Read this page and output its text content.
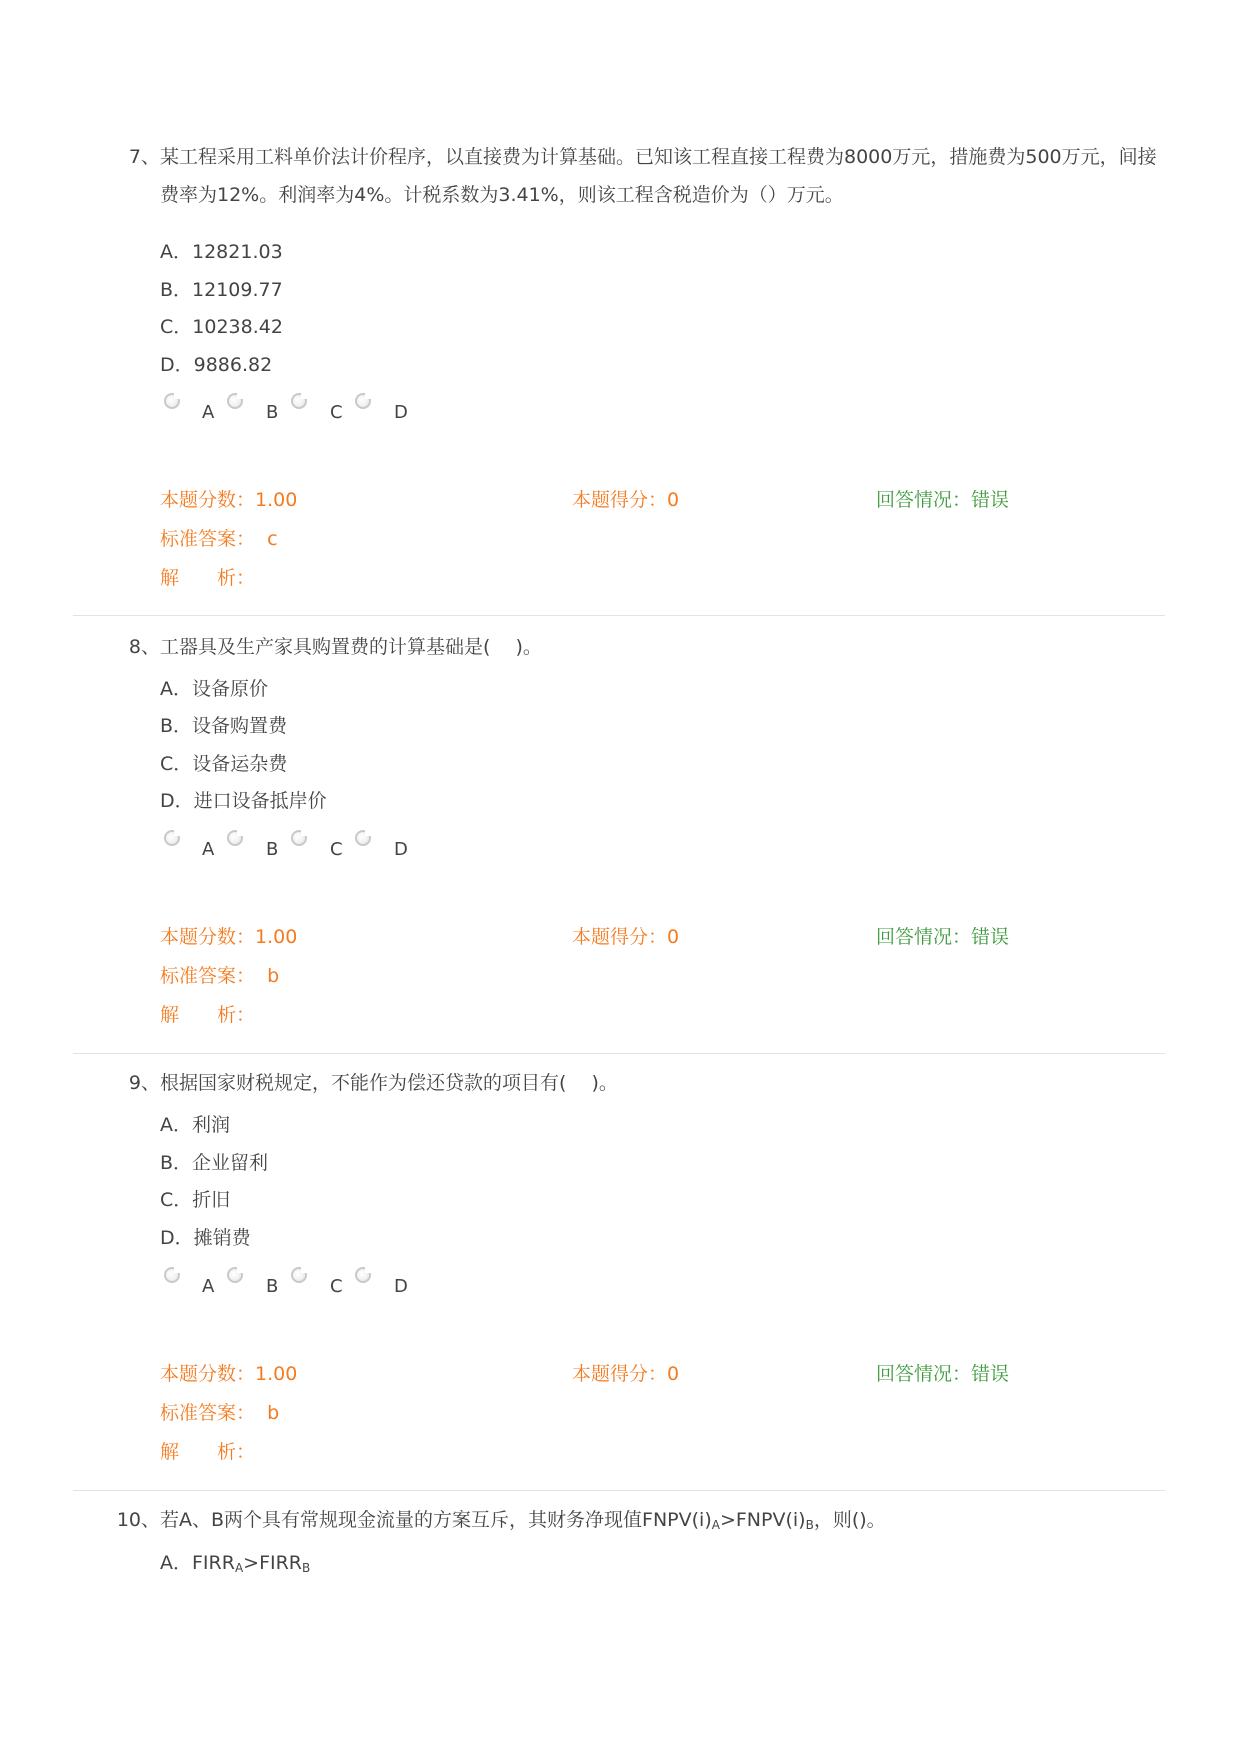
7、 某工程采用工料单价法计价程序，以直接费为计算基础。已知该工程直接工程费为8000万元，措施费为500万元，间接费率为12%。利润率为4%。计税系数为3.41%，则该工程含税造价为（）万元。
A．12821.03
B．12109.77
C．10238.42
D．9886.82
A	B	C	D
本题分数：1.00	本题得分：0	回答情况：错误
标准答案： c
解　　析：
8、 工器具及生产家具购置费的计算基础是(　 )。
A．设备原价
B．设备购置费
C．设备运杂费
D．进口设备抵岸价
A	B	C	D
本题分数：1.00	本题得分：0	回答情况：错误
标准答案： b
解　　析：
9、 根据国家财税规定，不能作为偿还贷款的项目有(　 )。
A．利润
B．企业留利
C．折旧
D．摊销费
A	B	C	D
本题分数：1.00	本题得分：0	回答情况：错误
标准答案： b
解　　析：
10、 若A、B两个具有常规现金流量的方案互斥，其财务净现值$FNPV(i)_A>FNPV(i)_B$，则()。
A．$FIRR_A>FIRR_B$
